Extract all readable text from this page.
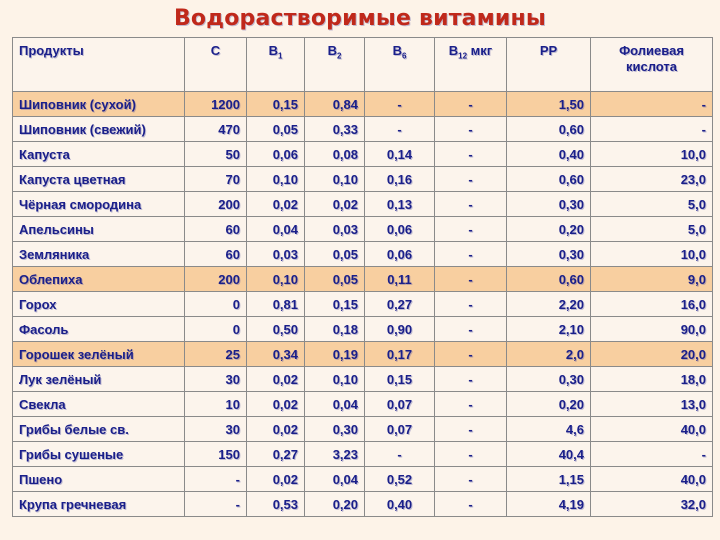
Водорастворимые витамины
Продукты	С	$В_1$	$В_2$	$В_6$	$В_{12}$ мкг	РР	Фолиевая кислота
Шиповник (сухой)	1200	0,15	0,84	-	-	1,50	-
Шиповник (свежий)	470	0,05	0,33	-	-	0,60	-
Капуста	50	0,06	0,08	0,14	-	0,40	10,0
Капуста цветная	70	0,10	0,10	0,16	-	0,60	23,0
Чёрная смородина	200	0,02	0,02	0,13	-	0,30	5,0
Апельсины	60	0,04	0,03	0,06	-	0,20	5,0
Земляника	60	0,03	0,05	0,06	-	0,30	10,0
Облепиха	200	0,10	0,05	0,11	-	0,60	9,0
Горох	0	0,81	0,15	0,27	-	2,20	16,0
Фасоль	0	0,50	0,18	0,90	-	2,10	90,0
Горошек зелёный	25	0,34	0,19	0,17	-	2,0	20,0
Лук зелёный	30	0,02	0,10	0,15	-	0,30	18,0
Свекла	10	0,02	0,04	0,07	-	0,20	13,0
Грибы белые св.	30	0,02	0,30	0,07	-	4,6	40,0
Грибы сушеные	150	0,27	3,23	-	-	40,4	-
Пшено	-	0,02	0,04	0,52	-	1,15	40,0
Крупа гречневая	-	0,53	0,20	0,40	-	4,19	32,0
